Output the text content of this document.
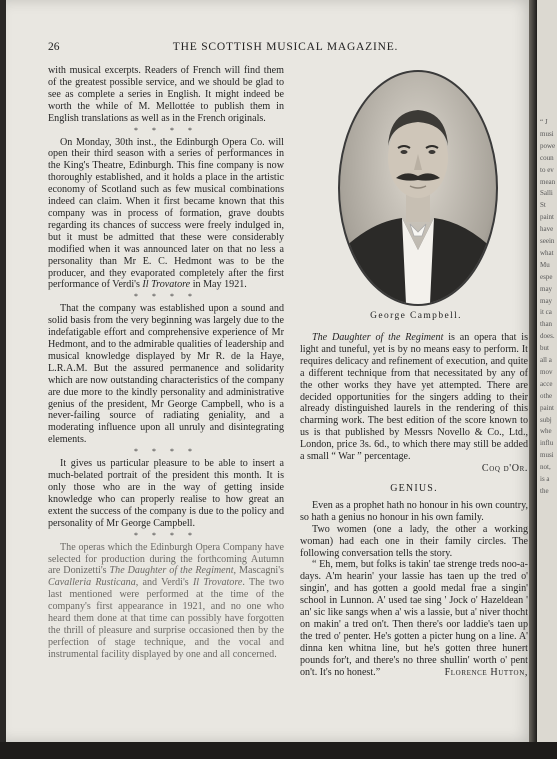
26	THE SCOTTISH MUSICAL MAGAZINE.

with musical excerpts. Readers of French will find them of the greatest possible service, and we should be glad to see as complete a series in English. It might indeed be worth the while of M. Mellottée to publish them in English translations as well as in the French originals.

* * * *

On Monday, 30th inst., the Edinburgh Opera Co. will open their third season with a series of performances in the King's Theatre, Edinburgh. This fine company is now thoroughly established, and it holds a place in the artistic economy of Scotland such as few musical combinations indeed can claim. When it first became known that this company was in process of formation, grave doubts regarding its chances of success were freely indulged in, but it must be admitted that these were considerably modified when it was announced later on that no less a personality than Mr E. C. Hedmont was to be the producer, and they evaporated completely after the first performance of Verdi's Il Trovatore in May 1921.

* * * *

That the company was established upon a sound and solid basis from the very beginning was largely due to the indefatigable effort and comprehensive experience of Mr Hedmont, and to the admirable qualities of leadership and musical knowledge displayed by Mr R. de la Haye, L.R.A.M. But the assured permanence and solidarity which are now outstanding characteristics of the company are due more to the kindly personality and administrative genius of the president, Mr George Campbell, who is a never-failing source of radiating geniality, and a moderating influence upon all unruly and disintegrating elements.

* * * *

It gives us particular pleasure to be able to insert a much-belated portrait of the president this month. It is only those who are in the way of getting inside knowledge who can properly realise to how great an extent the success of the company is due to the policy and personality of Mr George Campbell.

* * * *

The operas which the Edinburgh Opera Company have selected for production during the forthcoming Autumn are Donizetti's The Daughter of the Regiment, Mascagni's Cavalleria Rusticana, and Verdi's Il Trovatore. The two last mentioned were performed at the time of the company's first appearance in 1921, and no one who heard them done at that time can possibly have forgotten the thrill of pleasure and surprise occasioned then by the perfection of stage technique, and the vocal and instrumental facility displayed by one and all concerned.

George Campbell.

The Daughter of the Regiment is an opera that is light and tuneful, yet is by no means easy to perform. It requires delicacy and refinement of execution, and quite a different technique from that necessitated by any of the other works they have yet attempted. There are decided opportunities for the singers adding to their already distinguished laurels in the rendering of this charming work. The best edition of the score known to us is that published by Messrs Novello & Co., Ltd., London, price 3s. 6d., to which there may still be added a small “ War ” percentage.

Coq d'Or.
GENIUS.

Even as a prophet hath no honour in his own country, so hath a genius no honour in his own family.

Two women (one a lady, the other a working woman) had each one in their family circles. The following conversation tells the story.

“ Eh, mem, but folks is takin' tae strenge treds noo-a-days. A'm hearin' your lassie has taen up the tred o' singin', and has gotten a goold medal frae a singin' school in Lunnon. A' used tae sing ' Jock o' Hazeldean ' an' sic like sangs when a' wis a lassie, but a' niver thocht on makin' a tred on't. Then there's oor laddie's taen up the tred o' penter. He's gotten a picter hung on a line. A' dinna ken whitna line, but he's gotten three hunert pounds for't, and there's no three shullin' worth o' pent on't. It's no honest.”	Florence Hutton,

“ J
musi
powe
coun
to ev
mean
Salli
St
paint
have
seein
what
Mu
espe
may
may
it ca
than
does.
but
all a
mov
acce
othe
paint
subj
whe
influ
musi
not,
is a
the
